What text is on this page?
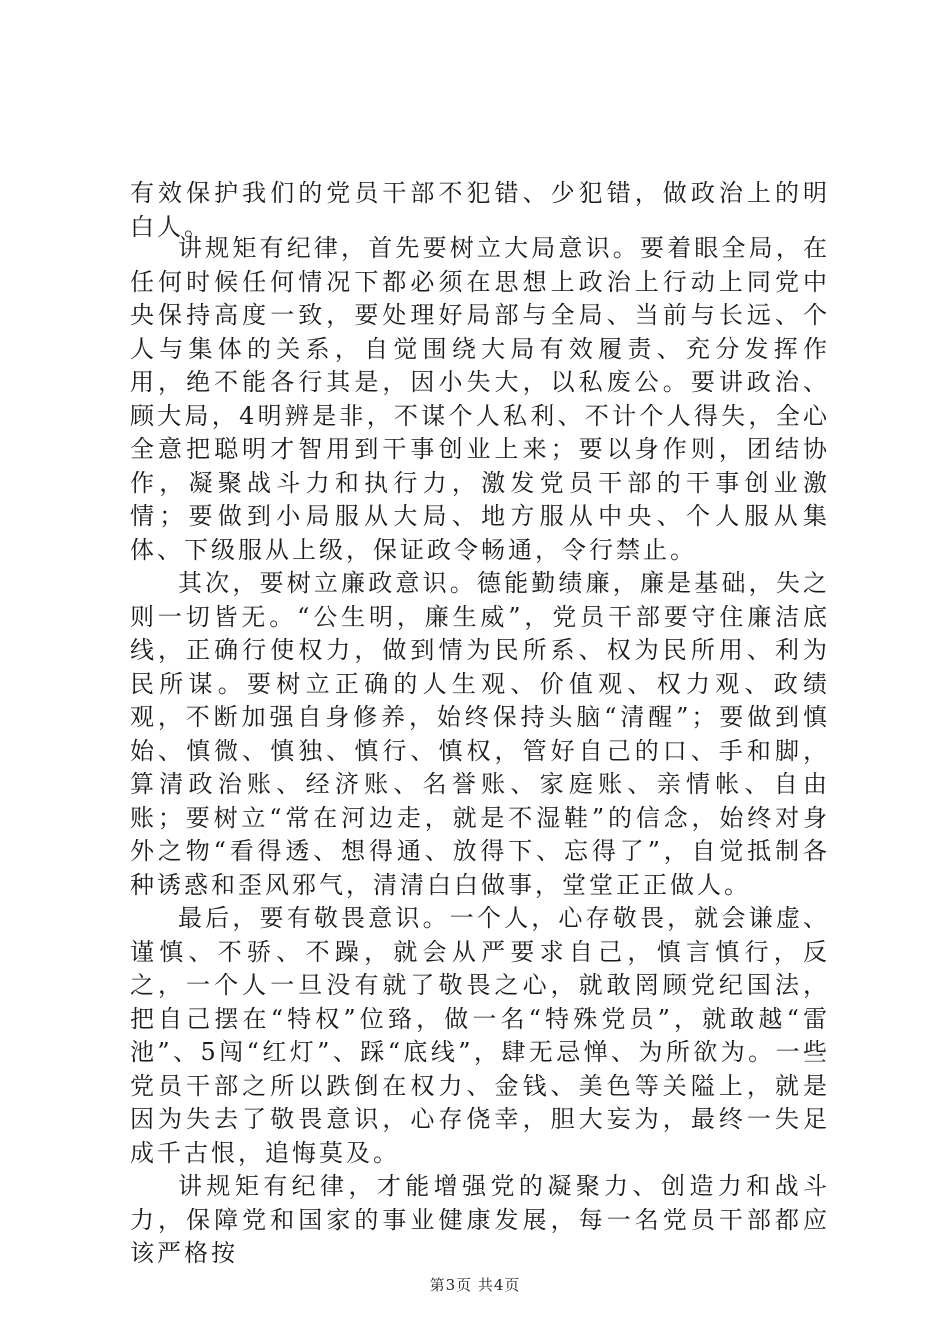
有效保护我们的党员干部不犯错、少犯错，做政治上的明白人。

讲规矩有纪律，首先要树立大局意识。要着眼全局，在任何时候任何情况下都必须在思想上政治上行动上同党中央保持高度一致，要处理好局部与全局、当前与长远、个人与集体的关系，自觉围绕大局有效履责、充分发挥作用，绝不能各行其是，因小失大，以私废公。要讲政治、顾大局，4明辨是非，不谋个人私利、不计个人得失，全心全意把聪明才智用到干事创业上来；要以身作则，团结协作，凝聚战斗力和执行力，激发党员干部的干事创业激情；要做到小局服从大局、地方服从中央、个人服从集体、下级服从上级，保证政令畅通，令行禁止。

其次，要树立廉政意识。德能勤绩廉，廉是基础，失之则一切皆无。“公生明，廉生威”，党员干部要守住廉洁底线，正确行使权力，做到情为民所系、权为民所用、利为民所谋。要树立正确的人生观、价值观、权力观、政绩观，不断加强自身修养，始终保持头脑“清醒”；要做到慎始、慎微、慎独、慎行、慎权，管好自己的口、手和脚，算清政治账、经济账、名誉账、家庭账、亲情帐、自由账；要树立“常在河边走，就是不湿鞋”的信念，始终对身外之物“看得透、想得通、放得下、忘得了”，自觉抵制各种诱惑和歪风邪气，清清白白做事，堂堂正正做人。

最后，要有敬畏意识。一个人，心存敬畏，就会谦虚、谨慎、不骄、不躁，就会从严要求自己，慎言慎行，反之，一个人一旦没有就了敬畏之心，就敢罔顾党纪国法，把自己摆在“特权”位臵，做一名“特殊党员”，就敢越“雷池”、5闯“红灯”、踩“底线”，肆无忌惮、为所欲为。一些党员干部之所以跌倒在权力、金钱、美色等关隘上，就是因为失去了敬畏意识，心存侥幸，胆大妄为，最终一失足成千古恨，追悔莫及。

讲规矩有纪律，才能增强党的凝聚力、创造力和战斗力，保障党和国家的事业健康发展，每一名党员干部都应该严格按

第3页 共4页
